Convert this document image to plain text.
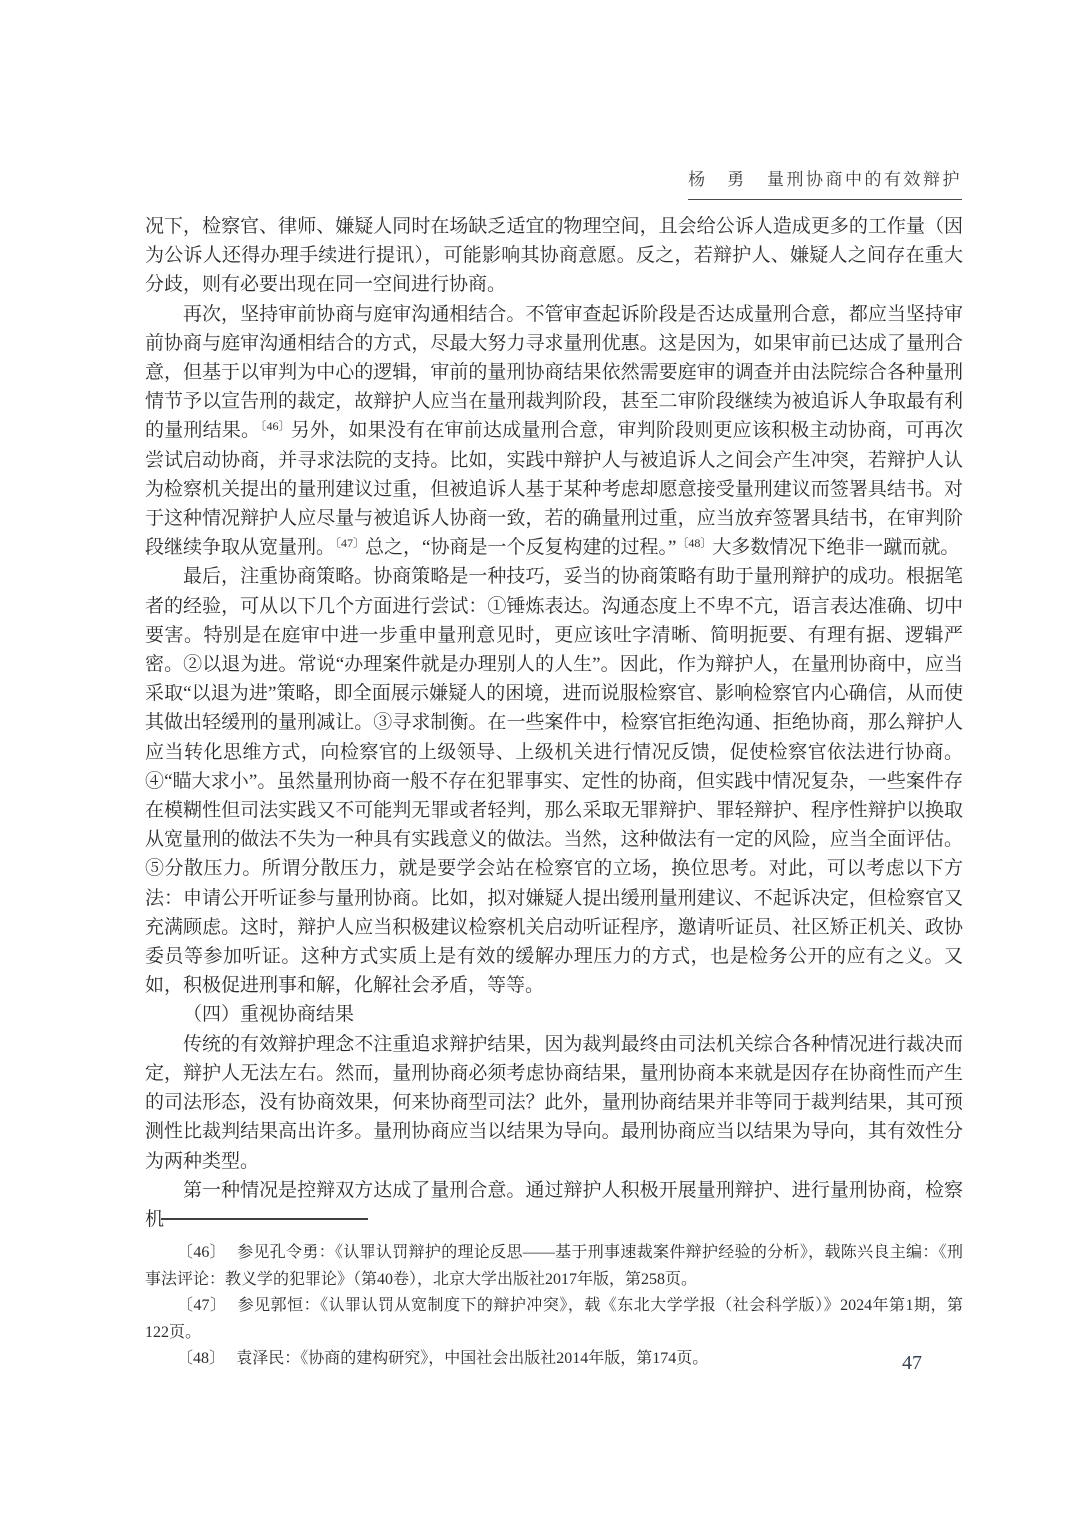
杨　勇 量刑协商中的有效辩护

况下，检察官、律师、嫌疑人同时在场缺乏适宜的物理空间，且会给公诉人造成更多的工作量（因为公诉人还得办理手续进行提讯），可能影响其协商意愿。反之，若辩护人、嫌疑人之间存在重大分歧，则有必要出现在同一空间进行协商。

再次，坚持审前协商与庭审沟通相结合。不管审查起诉阶段是否达成量刑合意，都应当坚持审前协商与庭审沟通相结合的方式，尽最大努力寻求量刑优惠。这是因为，如果审前已达成了量刑合意，但基于以审判为中心的逻辑，审前的量刑协商结果依然需要庭审的调查并由法院综合各种量刑情节予以宣告刑的裁定，故辩护人应当在量刑裁判阶段，甚至二审阶段继续为被追诉人争取最有利的量刑结果。$^{〔46〕}$另外，如果没有在审前达成量刑合意，审判阶段则更应该积极主动协商，可再次尝试启动协商，并寻求法院的支持。比如，实践中辩护人与被追诉人之间会产生冲突，若辩护人认为检察机关提出的量刑建议过重，但被追诉人基于某种考虑却愿意接受量刑建议而签署具结书。对于这种情况辩护人应尽量与被追诉人协商一致，若的确量刑过重，应当放弃签署具结书，在审判阶段继续争取从宽量刑。$^{〔47〕}$总之，“协商是一个反复构建的过程。”$^{〔48〕}$大多数情况下绝非一蹴而就。

最后，注重协商策略。协商策略是一种技巧，妥当的协商策略有助于量刑辩护的成功。根据笔者的经验，可从以下几个方面进行尝试：①锤炼表达。沟通态度上不卑不亢，语言表达准确、切中要害。特别是在庭审中进一步重申量刑意见时，更应该吐字清晰、简明扼要、有理有据、逻辑严密。②以退为进。常说“办理案件就是办理别人的人生”。因此，作为辩护人，在量刑协商中，应当采取“以退为进”策略，即全面展示嫌疑人的困境，进而说服检察官、影响检察官内心确信，从而使其做出轻缓刑的量刑减让。③寻求制衡。在一些案件中，检察官拒绝沟通、拒绝协商，那么辩护人应当转化思维方式，向检察官的上级领导、上级机关进行情况反馈，促使检察官依法进行协商。④“瞄大求小”。虽然量刑协商一般不存在犯罪事实、定性的协商，但实践中情况复杂，一些案件存在模糊性但司法实践又不可能判无罪或者轻判，那么采取无罪辩护、罪轻辩护、程序性辩护以换取从宽量刑的做法不失为一种具有实践意义的做法。当然，这种做法有一定的风险，应当全面评估。⑤分散压力。所谓分散压力，就是要学会站在检察官的立场，换位思考。对此，可以考虑以下方法：申请公开听证参与量刑协商。比如，拟对嫌疑人提出缓刑量刑建议、不起诉决定，但检察官又充满顾虑。这时，辩护人应当积极建议检察机关启动听证程序，邀请听证员、社区矫正机关、政协委员等参加听证。这种方式实质上是有效的缓解办理压力的方式，也是检务公开的应有之义。又如，积极促进刑事和解，化解社会矛盾，等等。

（四）重视协商结果

传统的有效辩护理念不注重追求辩护结果，因为裁判最终由司法机关综合各种情况进行裁决而定，辩护人无法左右。然而，量刑协商必须考虑协商结果，量刑协商本来就是因存在协商性而产生的司法形态，没有协商效果，何来协商型司法？此外，量刑协商结果并非等同于裁判结果，其可预测性比裁判结果高出许多。量刑协商应当以结果为导向。最刑协商应当以结果为导向，其有效性分为两种类型。

第一种情况是控辩双方达成了量刑合意。通过辩护人积极开展量刑辩护、进行量刑协商，检察机

〔46〕 参见孔令勇：《认罪认罚辩护的理论反思——基于刑事速裁案件辩护经验的分析》，载陈兴良主编：《刑事法评论：教义学的犯罪论》（第40卷），北京大学出版社2017年版，第258页。

〔47〕 参见郭恒：《认罪认罚从宽制度下的辩护冲突》，载《东北大学学报（社会科学版）》2024年第1期，第122页。

〔48〕 袁泽民：《协商的建构研究》，中国社会出版社2014年版，第174页。	47
